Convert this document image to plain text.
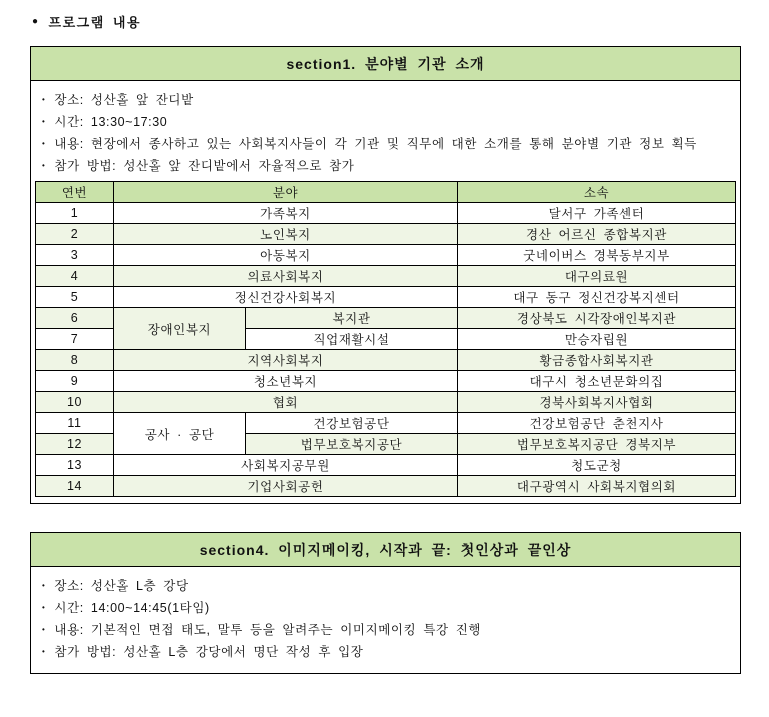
● 프로그램 내용
section1. 분야별 기관 소개
• 장소: 성산홀 앞 잔디밭
• 시간: 13:30~17:30
• 내용: 현장에서 종사하고 있는 사회복지사들이 각 기관 및 직무에 대한 소개를 통해 분야별 기관 정보 획득
• 참가 방법: 성산홀 앞 잔디밭에서 자율적으로 참가
연번	분야		소속
1	가족복지		달서구 가족센터
2	노인복지		경산 어르신 종합복지관
3	아동복지		굿네이버스 경북동부지부
4	의료사회복지		대구의료원
5	정신건강사회복지		대구 동구 정신건강복지센터
6	장애인복지	복지관	경상북도 시각장애인복지관
7		직업재활시설	만승자립원
8	지역사회복지		황금종합사회복지관
9	청소년복지		대구시 청소년문화의집
10	협회		경북사회복지사협회
11	공사 · 공단	건강보험공단	건강보험공단 춘천지사
12		법무보호복지공단	법무보호복지공단 경북지부
13	사회복지공무원		청도군청
14	기업사회공헌		대구광역시 사회복지협의회
section4. 이미지메이킹, 시작과 끝: 첫인상과 끝인상
• 장소: 성산홀 L층 강당
• 시간: 14:00~14:45(1타임)
• 내용: 기본적인 면접 태도, 말투 등을 알려주는 이미지메이킹 특강 진행
• 참가 방법: 성산홀 L층 강당에서 명단 작성 후 입장
